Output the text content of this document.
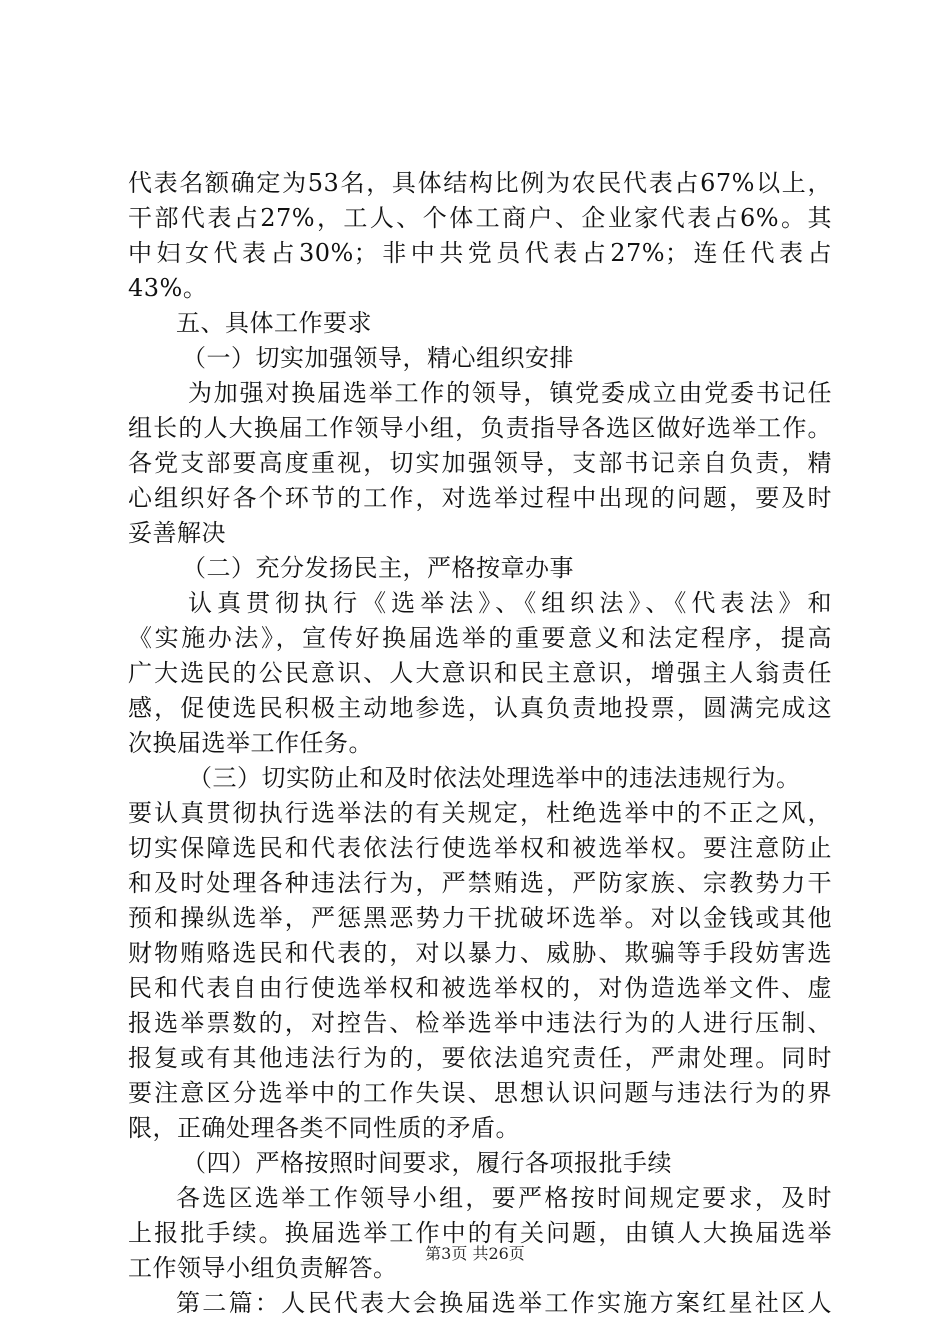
代表名额确定为53名，具体结构比例为农民代表占67%以上，
干部代表占27%，工人、个体工商户、企业家代表占6%。其
中妇女代表占30%；非中共党员代表占27%；连任代表占
43%。
五、具体工作要求
（一）切实加强领导，精心组织安排
为加强对换届选举工作的领导，镇党委成立由党委书记任
组长的人大换届工作领导小组，负责指导各选区做好选举工作。
各党支部要高度重视，切实加强领导，支部书记亲自负责，精
心组织好各个环节的工作，对选举过程中出现的问题，要及时
妥善解决
（二）充分发扬民主，严格按章办事
认真贯彻执行《选举法》、《组织法》、《代表法》和
《实施办法》，宣传好换届选举的重要意义和法定程序，提高
广大选民的公民意识、人大意识和民主意识，增强主人翁责任
感，促使选民积极主动地参选，认真负责地投票，圆满完成这
次换届选举工作任务。
（三）切实防止和及时依法处理选举中的违法违规行为。
要认真贯彻执行选举法的有关规定，杜绝选举中的不正之风，
切实保障选民和代表依法行使选举权和被选举权。要注意防止
和及时处理各种违法行为，严禁贿选，严防家族、宗教势力干
预和操纵选举，严惩黑恶势力干扰破坏选举。对以金钱或其他
财物贿赂选民和代表的，对以暴力、威胁、欺骗等手段妨害选
民和代表自由行使选举权和被选举权的，对伪造选举文件、虚
报选举票数的，对控告、检举选举中违法行为的人进行压制、
报复或有其他违法行为的，要依法追究责任，严肃处理。同时
要注意区分选举中的工作失误、思想认识问题与违法行为的界
限，正确处理各类不同性质的矛盾。
（四）严格按照时间要求，履行各项报批手续
各选区选举工作领导小组，要严格按时间规定要求，及时
上报批手续。换届选举工作中的有关问题，由镇人大换届选举
工作领导小组负责解答。
第二篇：人民代表大会换届选举工作实施方案红星社区人
第3页 共26页
